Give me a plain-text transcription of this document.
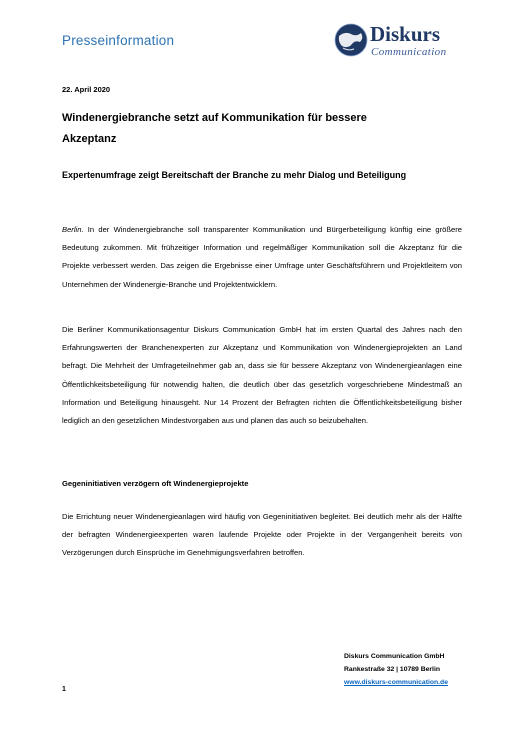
Presseinformation	Diskurs
Communication
22. April 2020
Windenergiebranche setzt auf Kommunikation für bessere Akzeptanz
Expertenumfrage zeigt Bereitschaft der Branche zu mehr Dialog und Beteiligung
Berlin. In der Windenergiebranche soll transparenter Kommunikation und Bürgerbeteiligung künftig eine größere Bedeutung zukommen. Mit frühzeitiger Information und regelmäßiger Kommunikation soll die Akzeptanz für die Projekte verbessert werden. Das zeigen die Ergebnisse einer Umfrage unter Geschäftsführern und Projektleitern von Unternehmen der Windenergie-Branche und Projektentwicklern.
Die Berliner Kommunikationsagentur Diskurs Communication GmbH hat im ersten Quartal des Jahres nach den Erfahrungswerten der Branchenexperten zur Akzeptanz und Kommunikation von Windenergieprojekten an Land befragt. Die Mehrheit der Umfrageteilnehmer gab an, dass sie für bessere Akzeptanz von Windenergieanlagen eine Öffentlichkeitsbeteiligung für notwendig halten, die deutlich über das gesetzlich vorgeschriebene Mindestmaß an Information und Beteiligung hinausgeht. Nur 14 Prozent der Befragten richten die Öffentlichkeitsbeteiligung bisher lediglich an den gesetzlichen Mindestvorgaben aus und planen das auch so beizubehalten.
Gegeninitiativen verzögern oft Windenergieprojekte
Die Errichtung neuer Windenergieanlagen wird häufig von Gegeninitiativen begleitet. Bei deutlich mehr als der Hälfte der befragten Windenergieexperten waren laufende Projekte oder Projekte in der Vergangenheit bereits von Verzögerungen durch Einsprüche im Genehmigungsverfahren betroffen.
Diskurs Communication GmbH
Rankestraße 32 | 10789 Berlin
www.diskurs-communication.de
1
